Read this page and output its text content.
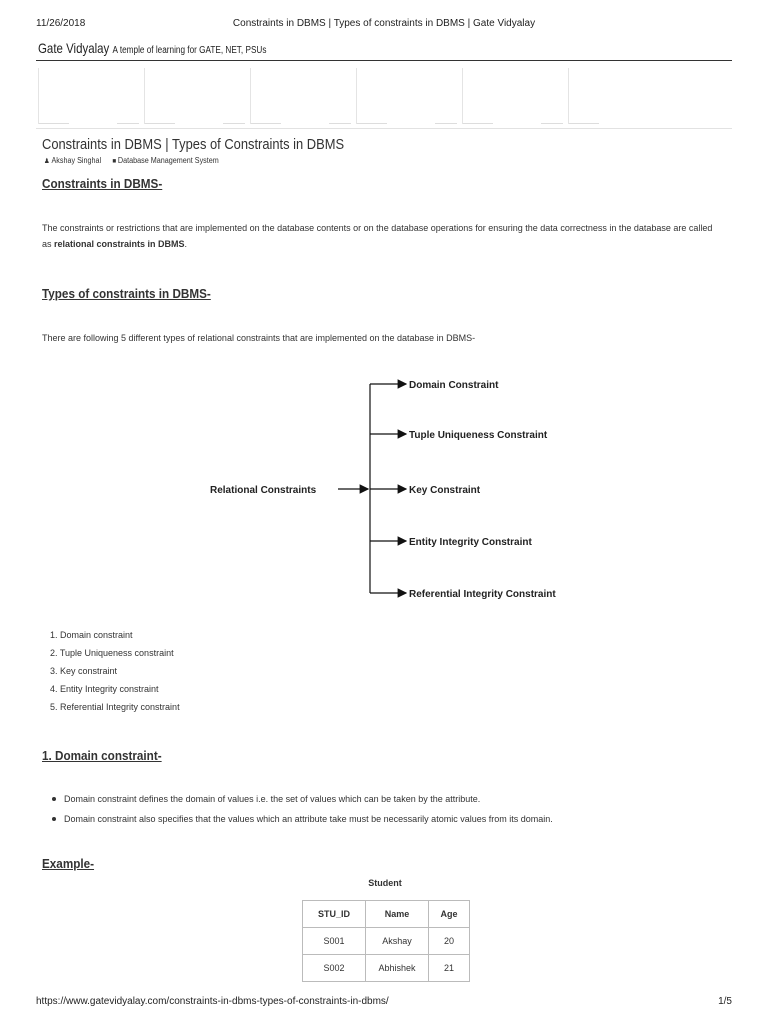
11/26/2018	Constraints in DBMS | Types of constraints in DBMS | Gate Vidyalay
Gate Vidyalay A temple of learning for GATE, NET, PSUs
Constraints in DBMS | Types of Constraints in DBMS
♟ Akshay Singhal ■ Database Management System
Constraints in DBMS-
The constraints or restrictions that are implemented on the database contents or on the database operations for ensuring the data correctness in the database are called as relational constraints in DBMS.
Types of constraints in DBMS-
There are following 5 different types of relational constraints that are implemented on the database in DBMS-
Relational Constraints
Domain Constraint
Tuple Uniqueness Constraint
Key Constraint
Entity Integrity Constraint
Referential Integrity Constraint
1. Domain constraint
2. Tuple Uniqueness constraint
3. Key constraint
4. Entity Integrity constraint
5. Referential Integrity constraint
1. Domain constraint-
Domain constraint defines the domain of values i.e. the set of values which can be taken by the attribute.
Domain constraint also specifies that the values which an attribute take must be necessarily atomic values from its domain.
Example-
Student
STU_ID	Name	Age
S001	Akshay	20
S002	Abhishek	21
https://www.gatevidyalay.com/constraints-in-dbms-types-of-constraints-in-dbms/	1/5
